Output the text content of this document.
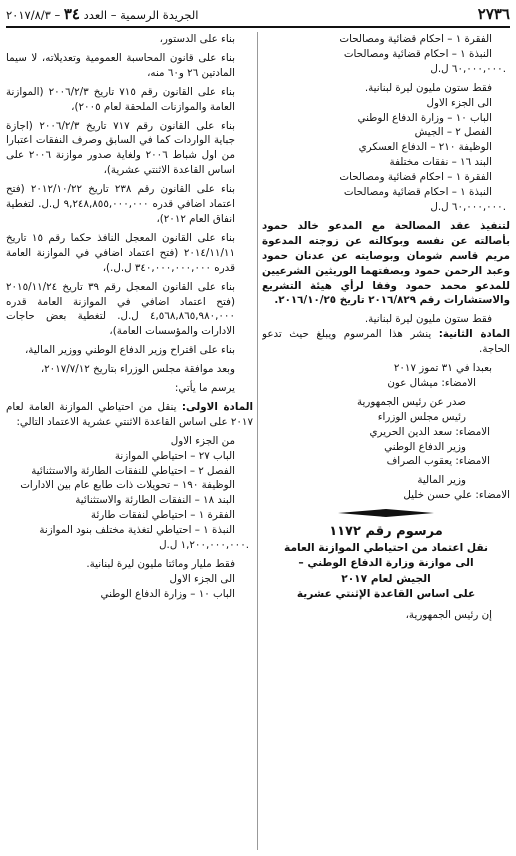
٢٧٣٦
الجريدة الرسمية – العدد ٣٤ – ٢٠١٧/٨/٣

الفقرة ١ – احكام قضائية ومصالحات

النبذة ١ – احكام قضائية ومصالحات

٦٠,٠٠٠,٠٠٠ ل.ل.

فقط ستون مليون ليرة لبنانية.

الى الجزء الاول

الباب ١٠ – وزارة الدفاع الوطني

الفصل ٢ – الجيش

الوظيفة ٢١٠ – الدفاع العسكري

البند ١٦ – نفقات مختلفة

الفقرة ١ – احكام قضائية ومصالحات

النبذة ١ – احكام قضائية ومصالحات

٦٠,٠٠٠,٠٠٠ ل.ل.

لتنفيذ عقد المصالحة مع المدعو خالد حمود بأصالته عن نفسه وبوكالته عن زوجته المدعوة مريم قاسم شومان وبوصايته عن عدنان حمود وعبد الرحمن حمود وبصفتهما الوريثين الشرعيين للمدعو محمد حمود وفقا لرأي هيئة التشريع والاستشارات رقم ٢٠١٦/٨٢٩ تاريخ ٢٠١٦/١٠/٢٥.

فقط ستون مليون ليرة لبنانية.

المادة الثانية: ينشر هذا المرسوم ويبلغ حيث تدعو الحاجة.

بعبدا في ٣١ تموز ٢٠١٧

الامضاء: ميشال عون

صدر عن رئيس الجمهورية

رئيس مجلس الوزراء

الامضاء: سعد الدين الحريري

وزير الدفاع الوطني

الامضاء: يعقوب الصراف

وزير المالية

الامضاء: علي حسن خليل

مرسوم رقم ١١٧٢

نقل اعتماد من احتياطي الموازنة العامة

الى موازنة وزارة الدفاع الوطني –

الجيش لعام ٢٠١٧

على اساس القاعدة الإثنتي عشرية

إن رئيس الجمهورية،

بناء على الدستور،

بناء على قانون المحاسبة العمومية وتعديلاته، لا سيما المادتين ٢٦ و٦٠ منه،

بناء على القانون رقم ٧١٥ تاريخ ٢٠٠٦/٢/٣ (الموازنة العامة والموازنات الملحقة لعام ٢٠٠٥)،

بناء على القانون رقم ٧١٧ تاريخ ٢٠٠٦/٢/٣ (اجازة جباية الواردات كما في السابق وصرف النفقات اعتبارا من اول شباط ٢٠٠٦ ولغاية صدور موازنة ٢٠٠٦ على اساس القاعدة الاثنتي عشرية)،

بناء على القانون رقم ٢٣٨ تاريخ ٢٠١٢/١٠/٢٢ (فتح اعتماد اضافي قدره ٩,٢٤٨,٨٥٥,٠٠٠,٠٠٠ ل.ل. لتغطية انفاق العام ٢٠١٢)،

بناء على القانون المعجل النافذ حكما رقم ١٥ تاريخ ٢٠١٤/١١/١١ (فتح اعتماد اضافي في الموازنة العامة قدره ٣٤٠,٠٠٠,٠٠٠,٠٠٠ ل.ل.)،

بناء على القانون المعجل رقم ٣٩ تاريخ ٢٠١٥/١١/٢٤ (فتح اعتماد اضافي في الموازنة العامة قدره ٤,٥٦٨,٨٦٥,٩٨٠,٠٠٠ ل.ل. لتغطية بعض حاجات الادارات والمؤسسات العامة)،

بناء على اقتراح وزير الدفاع الوطني ووزير المالية،

وبعد موافقة مجلس الوزراء بتاريخ ٢٠١٧/٧/١٢،

يرسم ما يأتي:

المادة الاولى: ينقل من احتياطي الموازنة العامة لعام ٢٠١٧ على اساس القاعدة الاثنتي عشرية الاعتماد التالي:

من الجزء الاول

الباب ٢٧ – احتياطي الموازنة

الفصل ٢ – احتياطي للنفقات الطارئة والاستثنائية

الوظيفة ١٩٠ – تحويلات ذات طابع عام بين الادارات

البند ١٨ – النفقات الطارئة والاستثنائية

الفقرة ١ – احتياطي لنفقات طارئة

النبذة ١ – احتياطي لتغذية مختلف بنود الموازنة

١,٢٠٠,٠٠٠,٠٠٠ ل.ل.

فقط مليار ومائتا مليون ليرة لبنانية.

الى الجزء الاول

الباب ١٠ – وزارة الدفاع الوطني
